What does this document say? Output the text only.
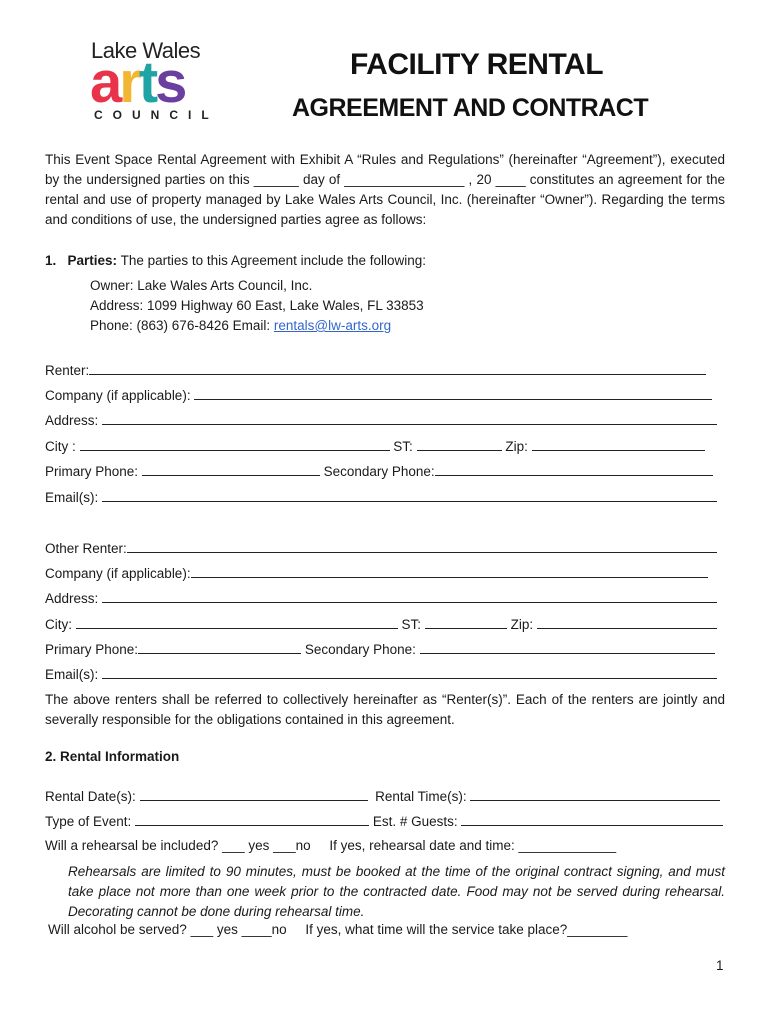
Lake Wales
arts
COUNCIL
FACILITY RENTAL
AGREEMENT AND CONTRACT
This Event Space Rental Agreement with Exhibit A “Rules and Regulations” (hereinafter “Agreement”), executed by the undersigned parties on this ______ day of ________________ , 20 ____ constitutes an agreement for the rental and use of property managed by Lake Wales Arts Council, Inc. (hereinafter “Owner”). Regarding the terms and conditions of use, the undersigned parties agree as follows:
1. Parties: The parties to this Agreement include the following:
Owner: Lake Wales Arts Council, Inc.
Address: 1099 Highway 60 East, Lake Wales, FL 33853
Phone: (863) 676-8426 Email: rentals@lw-arts.org
Renter:
Company (if applicable):
Address:
City :	ST:	Zip:
Primary Phone:	Secondary Phone:
Email(s):
Other Renter:
Company (if applicable):
Address:
City:	ST:	Zip:
Primary Phone:	Secondary Phone:
Email(s):
The above renters shall be referred to collectively hereinafter as “Renter(s)”. Each of the renters are jointly and severally responsible for the obligations contained in this agreement.
2. Rental Information
Rental Date(s):	Rental Time(s):
Type of Event:	Est. # Guests:
Will a rehearsal be included? ___ yes ___no     If yes, rehearsal date and time: _____________
Rehearsals are limited to 90 minutes, must be booked at the time of the original contract signing, and must take place not more than one week prior to the contracted date. Food may not be served during rehearsal. Decorating cannot be done during rehearsal time.
Will alcohol be served? ___ yes ____no     If yes, what time will the service take place?________
1
